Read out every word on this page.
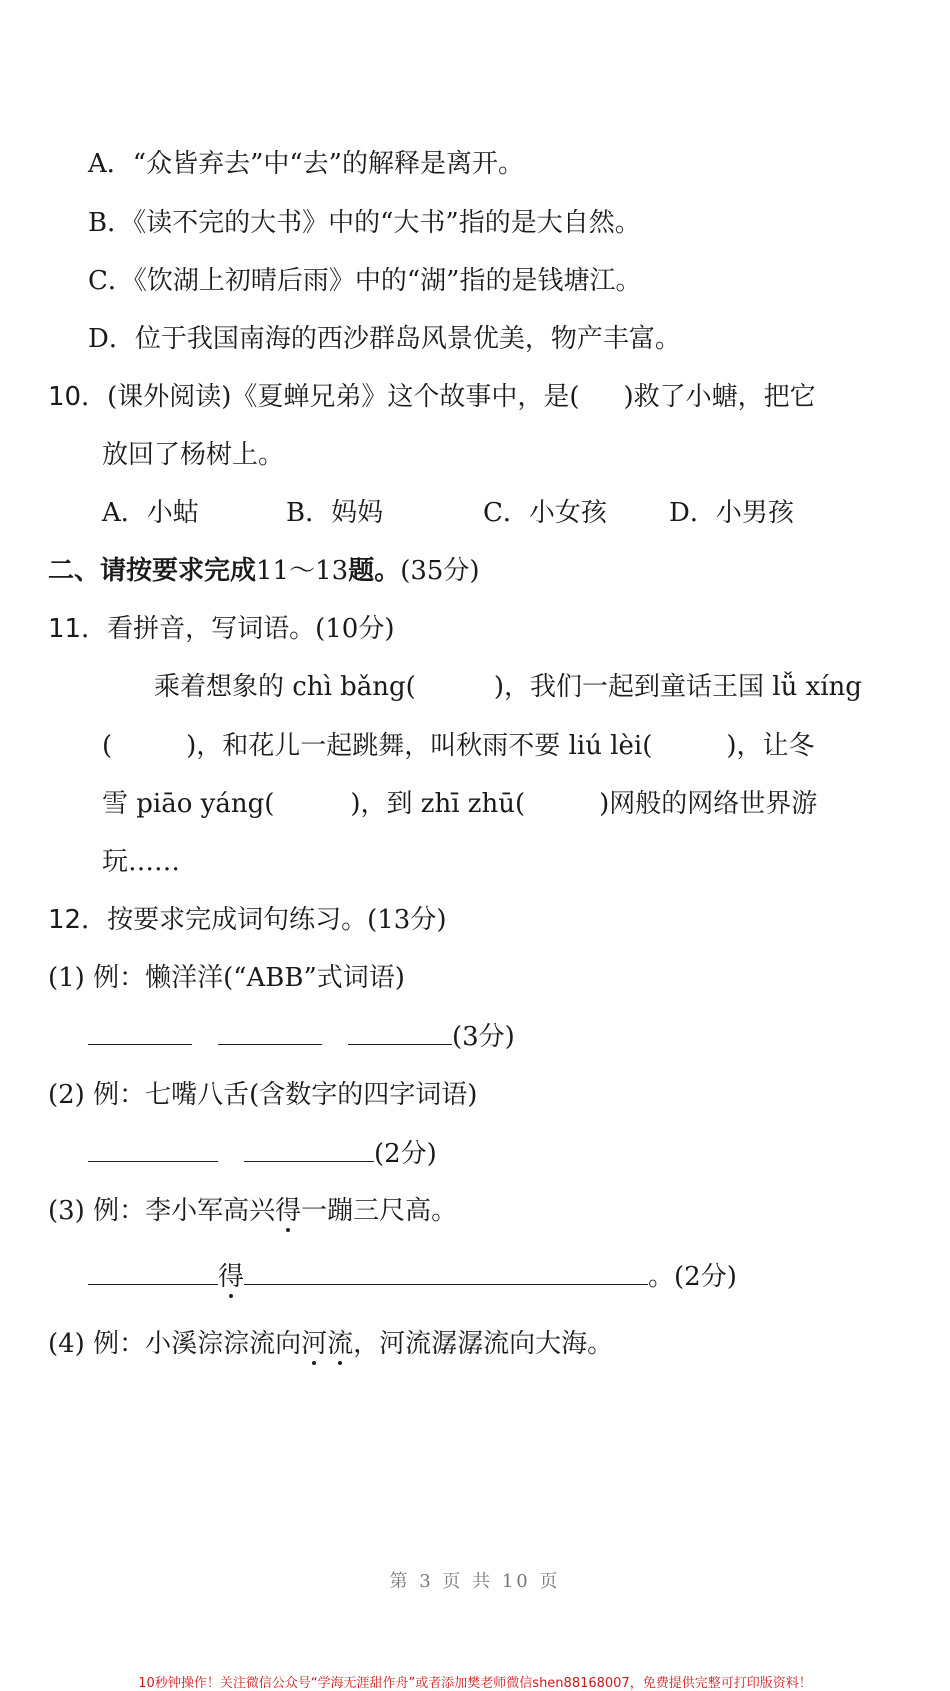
A．“众皆弃去”中“去”的解释是离开。
B．《读不完的大书》中的“大书”指的是大自然。
C．《饮湖上初晴后雨》中的“湖”指的是钱塘江。
D．位于我国南海的西沙群岛风景优美，物产丰富。
10．(课外阅读)《夏蝉兄弟》这个故事中，是( )救了小螗，把它
放回了杨树上。
A．小蛄	B．妈妈	C．小女孩 D．小男孩
二、请按要求完成11～13题。(35分)
11．看拼音，写词语。(10分)
乘着想象的 chì bǎng(	)，我们一起到童话王国 lǚ xíng
(	)，和花儿一起跳舞，叫秋雨不要 liú lèi(	)，让冬
雪 piāo yáng(	)，到 zhī zhū(	)网般的网络世界游
玩……
12．按要求完成词句练习。(13分)
(1) 例：懒洋洋(“ABB”式词语)
(3分)
(2) 例：七嘴八舌(含数字的四字词语)
(2分)
(3) 例：李小军高兴得一蹦三尺高。
得	。(2分)
(4) 例：小溪淙淙流向河流，河流潺潺流向大海。
第 3 页 共 10 页
10秒钟操作！关注微信公众号“学海无涯甜作舟”或者添加樊老师微信shen88168007，免费提供完整可打印版资料！
